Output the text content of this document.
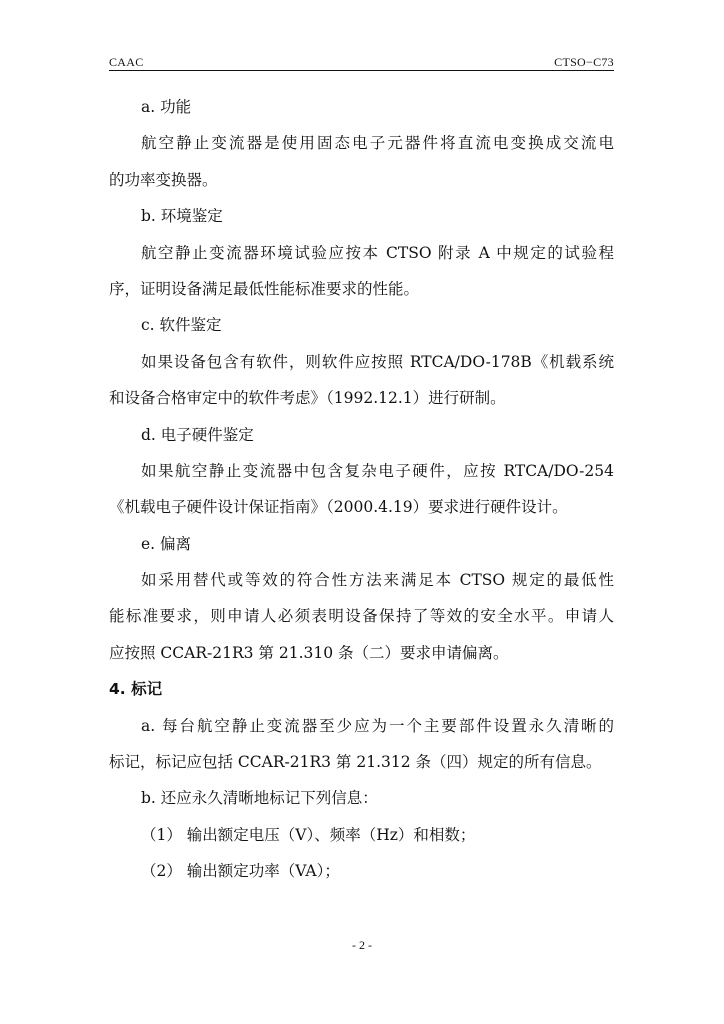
CAAC	CTSO−C73
a. 功能
航空静止变流器是使用固态电子元器件将直流电变换成交流电
的功率变换器。
b. 环境鉴定
航空静止变流器环境试验应按本 CTSO 附录 A 中规定的试验程
序，证明设备满足最低性能标准要求的性能。
c. 软件鉴定
如果设备包含有软件，则软件应按照 RTCA/DO-178B《机载系统
和设备合格审定中的软件考虑》（1992.12.1）进行研制。
d. 电子硬件鉴定
如果航空静止变流器中包含复杂电子硬件，应按 RTCA/DO-254
《机载电子硬件设计保证指南》（2000.4.19）要求进行硬件设计。
e. 偏离
如采用替代或等效的符合性方法来满足本 CTSO 规定的最低性
能标准要求，则申请人必须表明设备保持了等效的安全水平。申请人
应按照 CCAR-21R3 第 21.310 条（二）要求申请偏离。
4. 标记
a. 每台航空静止变流器至少应为一个主要部件设置永久清晰的
标记，标记应包括 CCAR-21R3 第 21.312 条（四）规定的所有信息。
b. 还应永久清晰地标记下列信息：
（1） 输出额定电压（V）、频率（Hz）和相数；
（2） 输出额定功率（VA）；
- 2 -
